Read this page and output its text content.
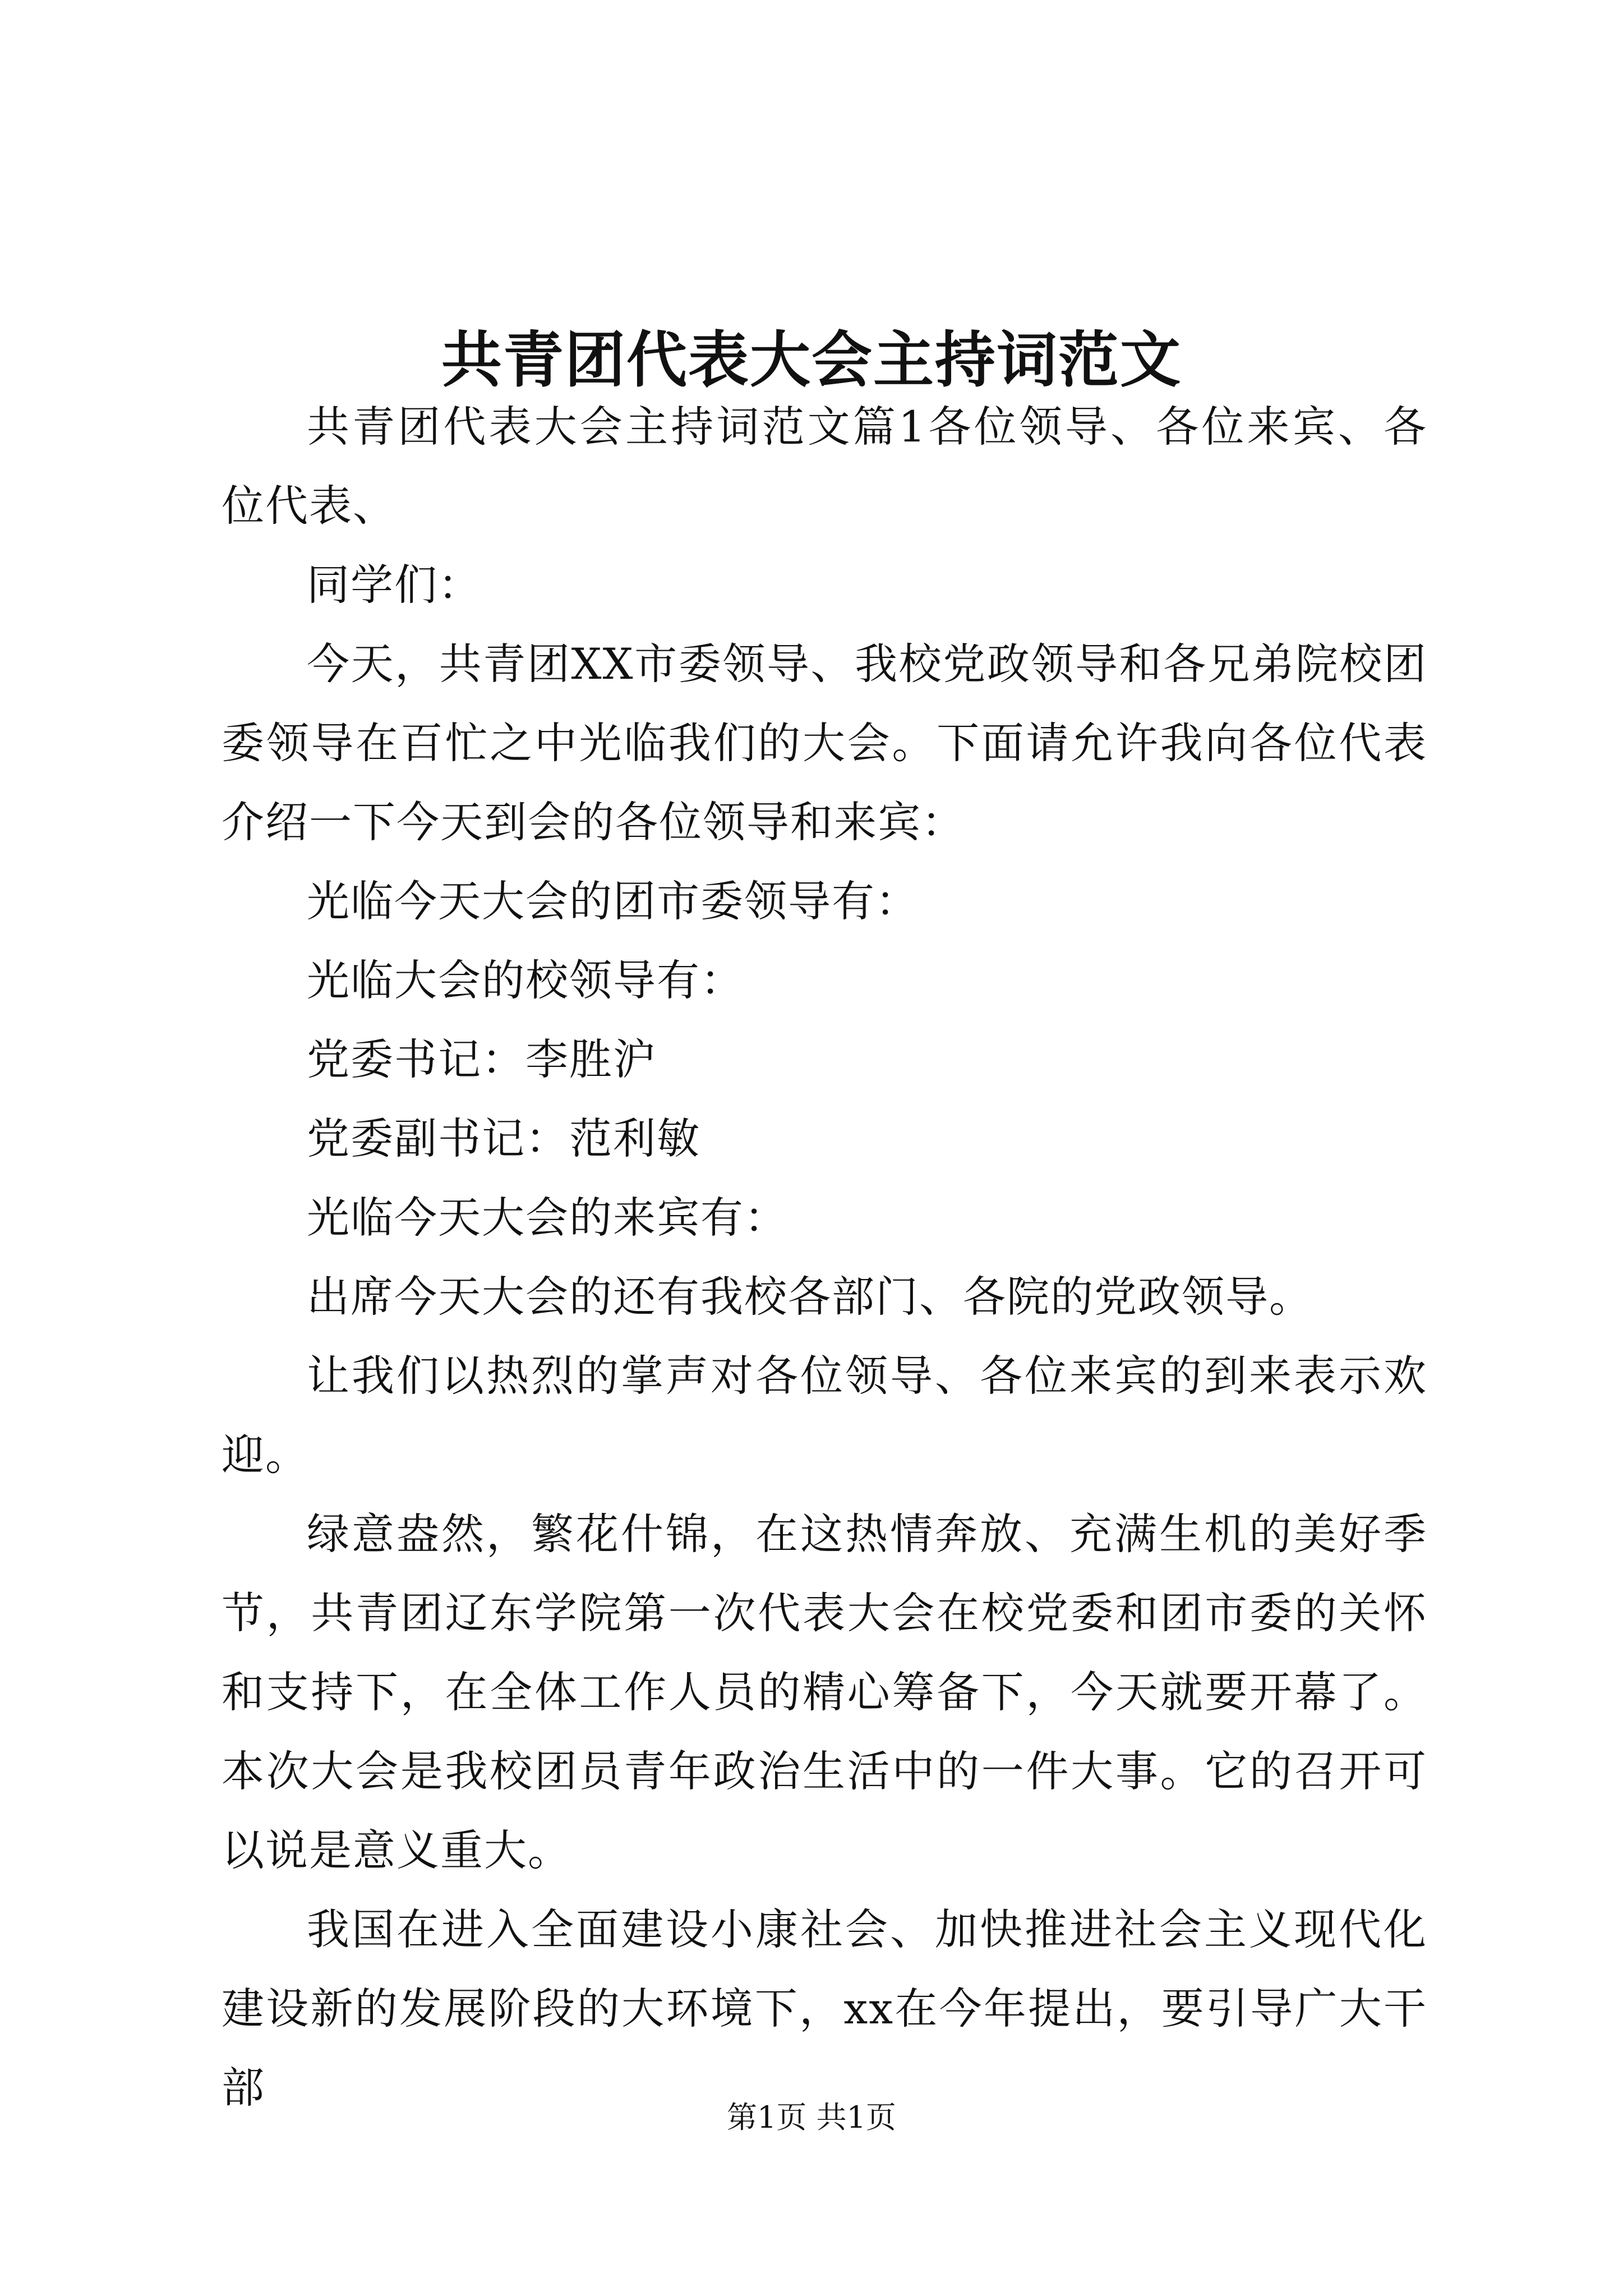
共青团代表大会主持词范文

共青团代表大会主持词范文篇1各位领导、各位来宾、各位代表、

同学们：

今天，共青团XX市委领导、我校党政领导和各兄弟院校团委领导在百忙之中光临我们的大会。下面请允许我向各位代表介绍一下今天到会的各位领导和来宾：

光临今天大会的团市委领导有：

光临大会的校领导有：

党委书记：李胜沪

党委副书记：范利敏

光临今天大会的来宾有：

出席今天大会的还有我校各部门、各院的党政领导。

让我们以热烈的掌声对各位领导、各位来宾的到来表示欢迎。

绿意盎然，繁花什锦，在这热情奔放、充满生机的美好季节，共青团辽东学院第一次代表大会在校党委和团市委的关怀和支持下，在全体工作人员的精心筹备下，今天就要开幕了。本次大会是我校团员青年政治生活中的一件大事。它的召开可以说是意义重大。

我国在进入全面建设小康社会、加快推进社会主义现代化建设新的发展阶段的大环境下，xx在今年提出，要引导广大干部

第1页 共1页
